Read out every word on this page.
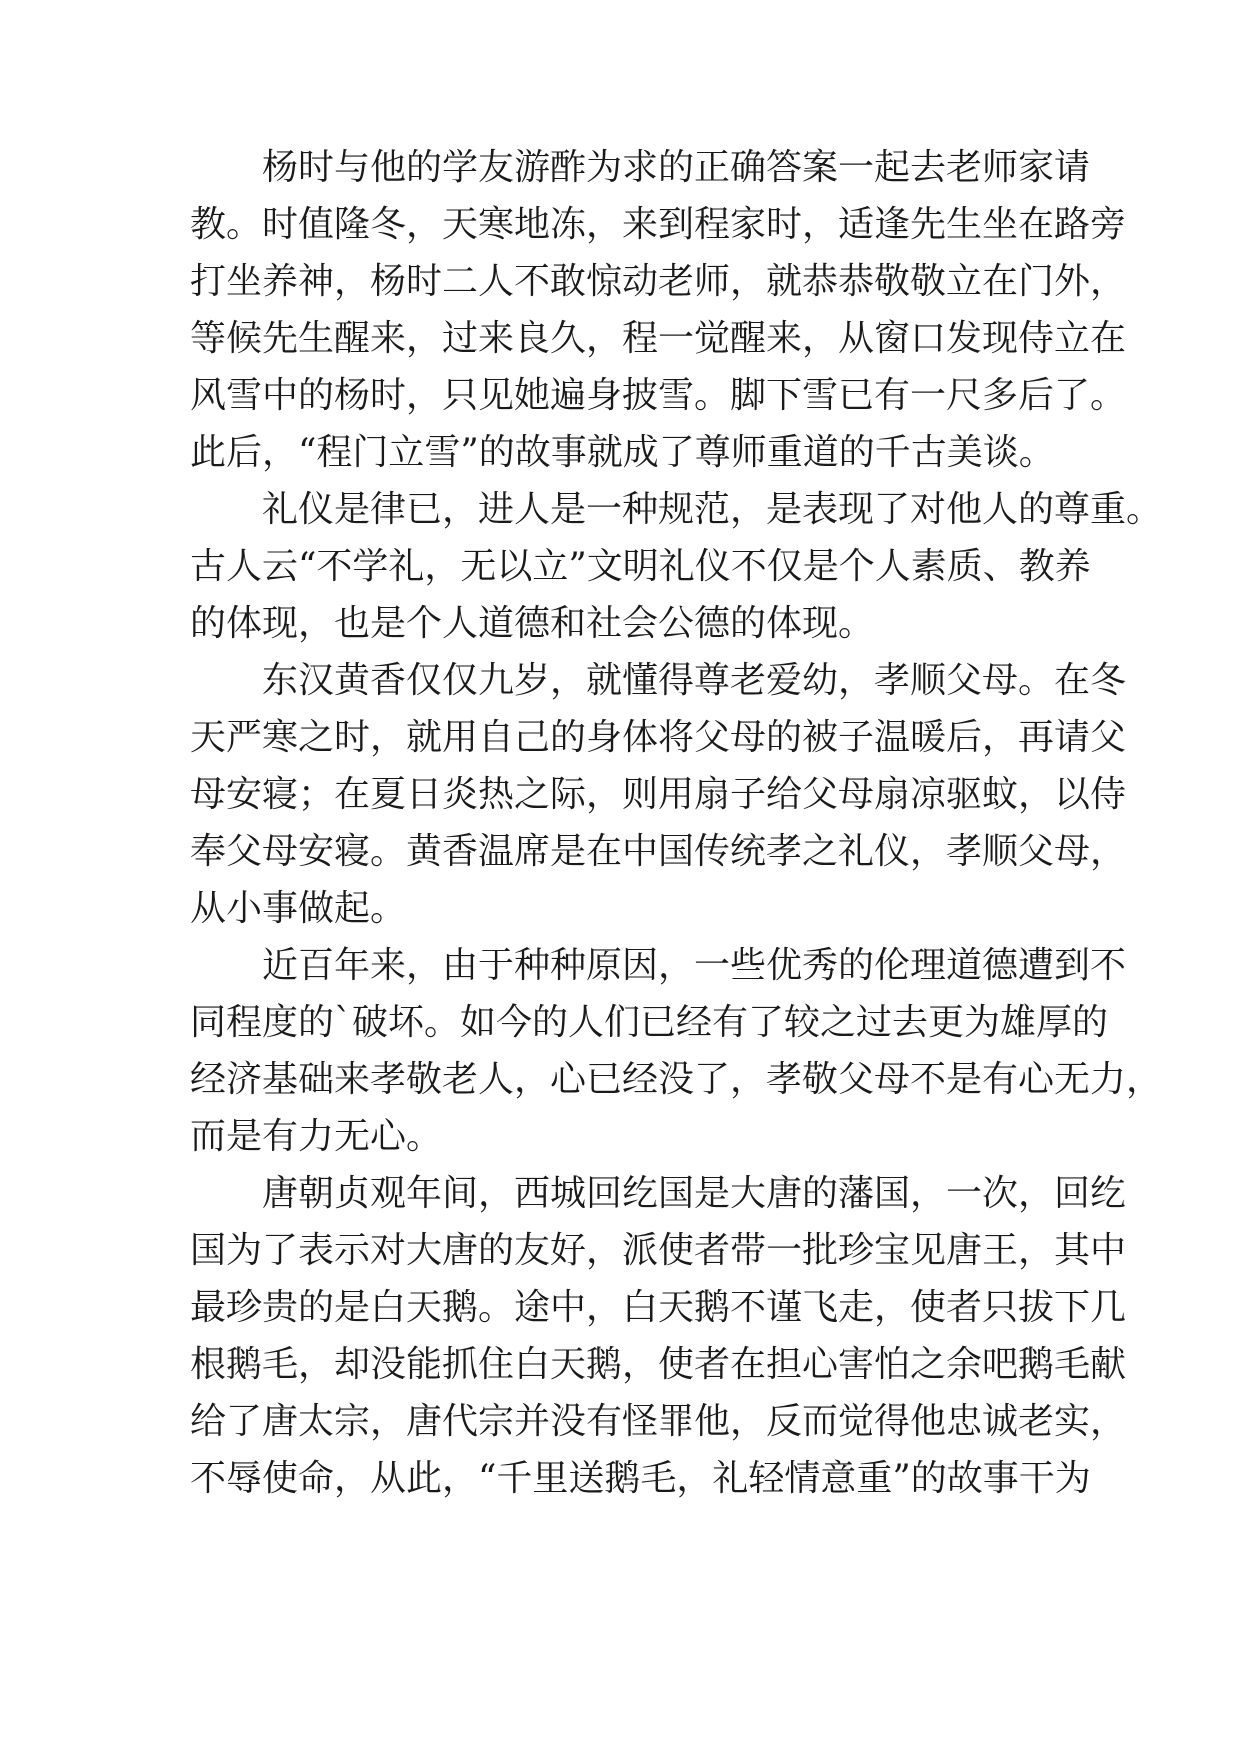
杨时与他的学友游酢为求的正确答案一起去老师家请
教。时值隆冬，天寒地冻，来到程家时，适逢先生坐在路旁
打坐养神，杨时二人不敢惊动老师，就恭恭敬敬立在门外，
等候先生醒来，过来良久，程一觉醒来，从窗口发现侍立在
风雪中的杨时，只见她遍身披雪。脚下雪已有一尺多后了。
此后，“程门立雪”的故事就成了尊师重道的千古美谈。
礼仪是律已，进人是一种规范，是表现了对他人的尊重。
古人云“不学礼，无以立”文明礼仪不仅是个人素质、教养
的体现，也是个人道德和社会公德的体现。
东汉黄香仅仅九岁，就懂得尊老爱幼，孝顺父母。在冬
天严寒之时，就用自己的身体将父母的被子温暖后，再请父
母安寝；在夏日炎热之际，则用扇子给父母扇凉驱蚊，以侍
奉父母安寝。黄香温席是在中国传统孝之礼仪，孝顺父母，
从小事做起。
近百年来，由于种种原因，一些优秀的伦理道德遭到不
同程度的`破坏。如今的人们已经有了较之过去更为雄厚的
经济基础来孝敬老人，心已经没了，孝敬父母不是有心无力，
而是有力无心。
唐朝贞观年间，西城回纥国是大唐的藩国，一次，回纥
国为了表示对大唐的友好，派使者带一批珍宝见唐王，其中
最珍贵的是白天鹅。途中，白天鹅不谨飞走，使者只拔下几
根鹅毛，却没能抓住白天鹅，使者在担心害怕之余吧鹅毛献
给了唐太宗，唐代宗并没有怪罪他，反而觉得他忠诚老实，
不辱使命，从此，“千里送鹅毛，礼轻情意重”的故事干为
